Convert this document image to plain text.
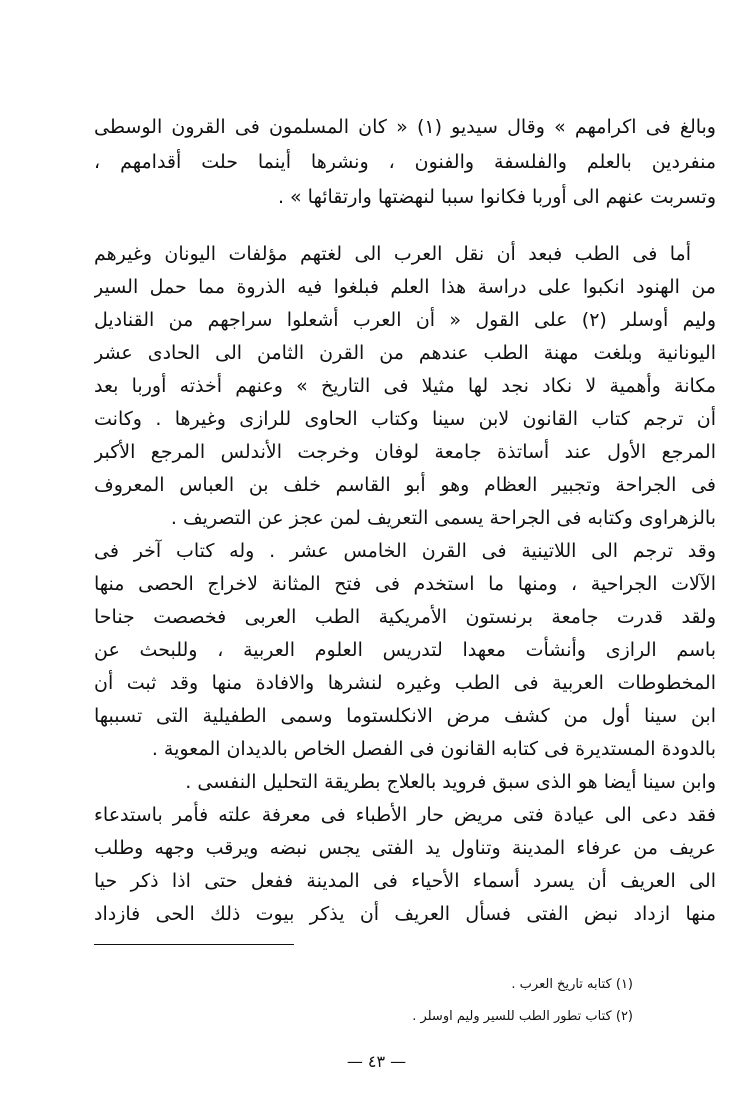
وبالغ فى اكرامهم » وقال سيديو (١) « كان المسلمون فى القرون الوسطى
منفردين بالعلم والفلسفة والفنون ، ونشرها أينما حلت أقدامهم ،
وتسربت عنهم الى أوربا فكانوا سببا لنهضتها وارتقائها » .
أما فى الطب فبعد أن نقل العرب الى لغتهم مؤلفات اليونان وغيرهم
من الهنود انكبوا على دراسة هذا العلم فبلغوا فيه الذروة مما حمل السير
وليم أوسلر (٢) على القول « أن العرب أشعلوا سراجهم من القناديل
اليونانية وبلغت مهنة الطب عندهم من القرن الثامن الى الحادى عشر
مكانة وأهمية لا نكاد نجد لها مثيلا فى التاريخ » وعنهم أخذته أوربا بعد
أن ترجم كتاب القانون لابن سينا وكتاب الحاوى للرازى وغيرها . وكانت
المرجع الأول عند أساتذة جامعة لوفان وخرجت الأندلس المرجع الأكبر
فى الجراحة وتجبير العظام وهو أبو القاسم خلف بن العباس المعروف
بالزهراوى وكتابه فى الجراحة يسمى التعريف لمن عجز عن التصريف .
وقد ترجم الى اللاتينية فى القرن الخامس عشر . وله كتاب آخر فى
الآلات الجراحية ، ومنها ما استخدم فى فتح المثانة لاخراج الحصى منها
ولقد قدرت جامعة برنستون الأمريكية الطب العربى فخصصت جناحا
باسم الرازى وأنشأت معهدا لتدريس العلوم العربية ، وللبحث عن
المخطوطات العربية فى الطب وغيره لنشرها والافادة منها وقد ثبت أن
ابن سينا أول من كشف مرض الانكلستوما وسمى الطفيلية التى تسببها
بالدودة المستديرة فى كتابه القانون فى الفصل الخاص بالديدان المعوية .
وابن سينا أيضا هو الذى سبق فرويد بالعلاج بطريقة التحليل النفسى .
فقد دعى الى عيادة فتى مريض حار الأطباء فى معرفة علته فأمر باستدعاء
عريف من عرفاء المدينة وتناول يد الفتى يجس نبضه ويرقب وجهه وطلب
الى العريف أن يسرد أسماء الأحياء فى المدينة ففعل حتى اذا ذكر حيا
منها ازداد نبض الفتى فسأل العريف أن يذكر بيوت ذلك الحى فازداد
(١) كتابه تاريخ العرب .
(٢) كتاب تطور الطب للسير وليم اوسلر .
— ٤٣ —
